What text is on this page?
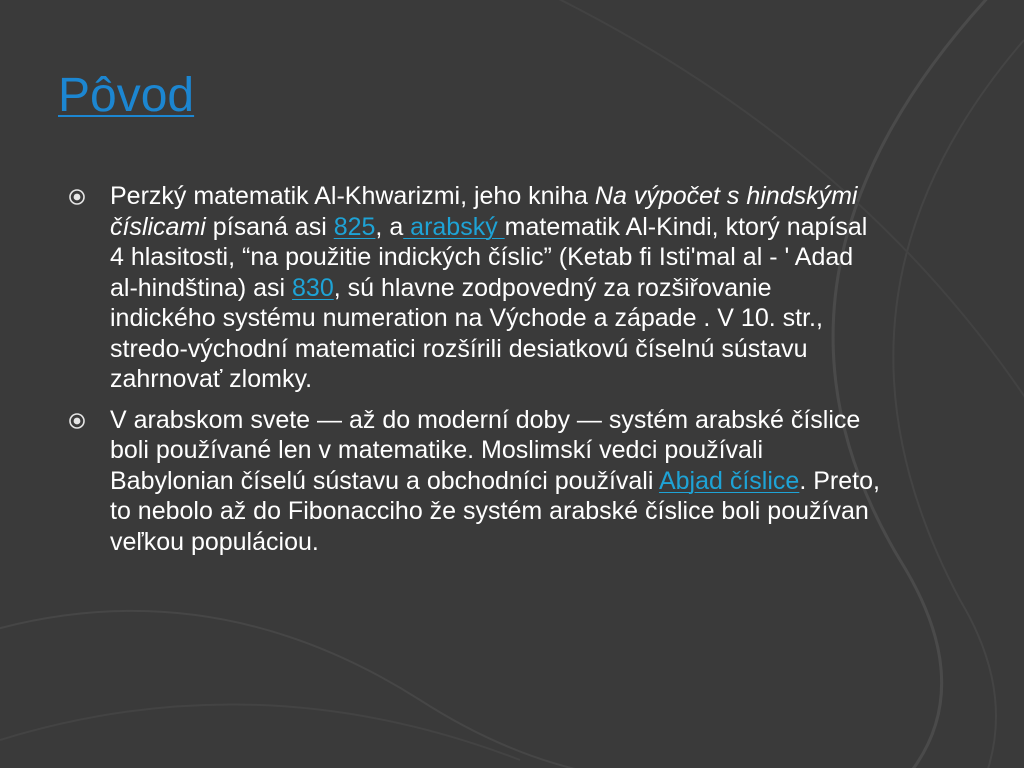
Pôvod
Perzký matematik Al-Khwarizmi, jeho kniha Na výpočet s hindskými číslicami písaná asi 825, a arabský matematik Al-Kindi, ktorý napísal 4 hlasitosti, “na použitie indických číslic” (Ketab fi Isti'mal al - ' Adad al-hindština) asi 830, sú hlavne zodpovedný za rozšiřovanie indického systému numeration na Východe a západe . V 10. str., stredo-východní matematici rozšírili desiatkovú číselnú sústavu zahrnovať zlomky.
V arabskom svete — až do moderní doby — systém arabské číslice boli používané len v matematike. Moslimskí vedci používali Babylonian číselú sústavu a obchodníci používali Abjad číslice. Preto, to nebolo až do Fibonacciho že systém arabské číslice boli používan veľkou populáciou.
